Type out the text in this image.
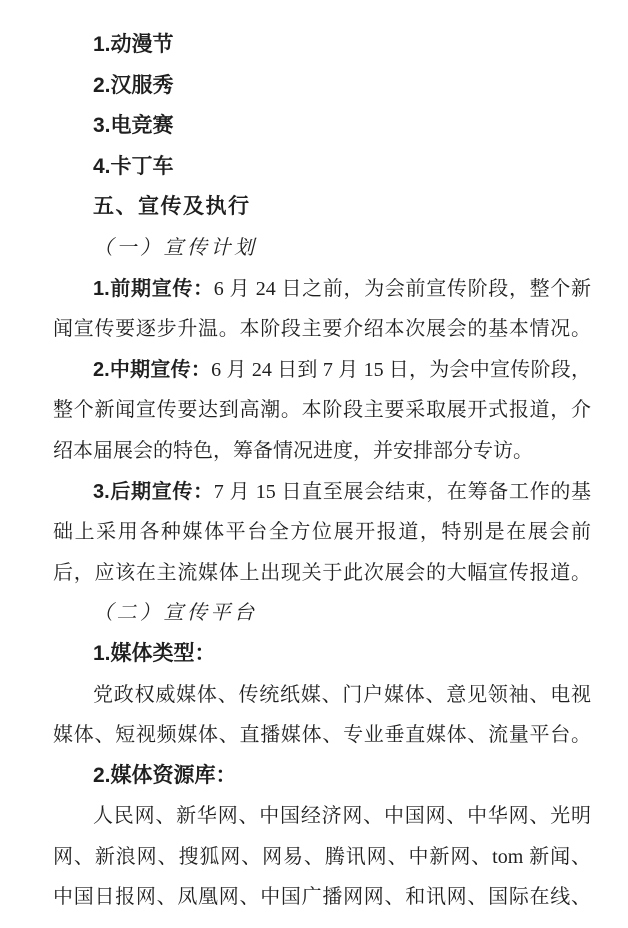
1.动漫节
2.汉服秀
3.电竞赛
4.卡丁车
五、宣传及执行
（一）宣传计划
1.前期宣传：6 月 24 日之前，为会前宣传阶段，整个新
闻宣传要逐步升温。本阶段主要介绍本次展会的基本情况。
2.中期宣传：6 月 24 日到 7 月 15 日，为会中宣传阶段，
整个新闻宣传要达到高潮。本阶段主要采取展开式报道，介
绍本届展会的特色，筹备情况进度，并安排部分专访。
3.后期宣传：7 月 15 日直至展会结束，在筹备工作的基
础上采用各种媒体平台全方位展开报道，特别是在展会前
后，应该在主流媒体上出现关于此次展会的大幅宣传报道。
（二）宣传平台
1.媒体类型：
党政权威媒体、传统纸媒、门户媒体、意见领袖、电视
媒体、短视频媒体、直播媒体、专业垂直媒体、流量平台。
2.媒体资源库：
人民网、新华网、中国经济网、中国网、中华网、光明
网、新浪网、搜狐网、网易、腾讯网、中新网、tom 新闻、
中国日报网、凤凰网、中国广播网网、和讯网、国际在线、
